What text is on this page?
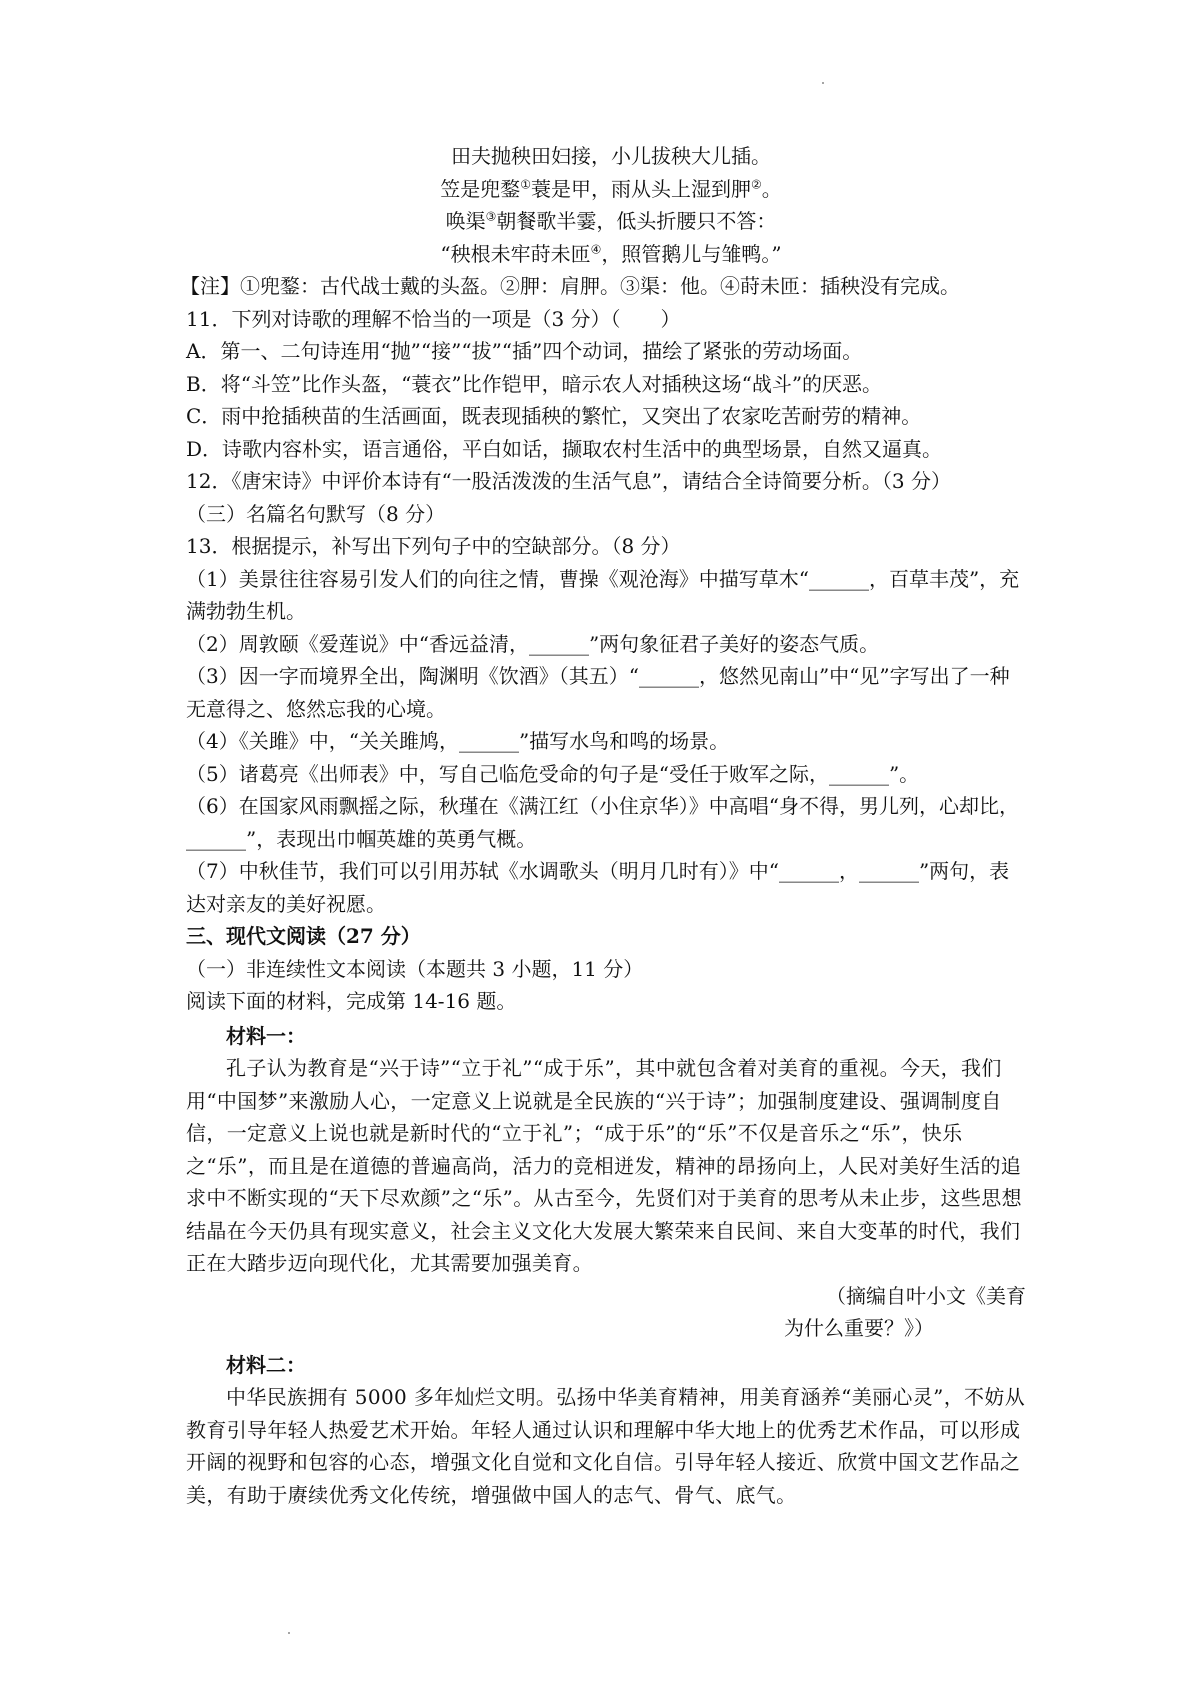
田夫抛秧田妇接，小儿拔秧大儿插。
笠是兜鍪①蓑是甲，雨从头上湿到胛②。
唤渠③朝餐歌半霎，低头折腰只不答：
“秧根未牢莳未匝④，照管鹅儿与雏鸭。”
【注】①兜鍪：古代战士戴的头盔。②胛：肩胛。③渠：他。④莳未匝：插秧没有完成。
11．下列对诗歌的理解不恰当的一项是（3 分）（　　）
A．第一、二句诗连用“抛”“接”“拔”“插”四个动词，描绘了紧张的劳动场面。
B．将“斗笠”比作头盔，“蓑衣”比作铠甲，暗示农人对插秧这场“战斗”的厌恶。
C．雨中抢插秧苗的生活画面，既表现插秧的繁忙，又突出了农家吃苦耐劳的精神。
D．诗歌内容朴实，语言通俗，平白如话，撷取农村生活中的典型场景，自然又逼真。
12．《唐宋诗》中评价本诗有“一股活泼泼的生活气息”，请结合全诗简要分析。（3 分）
（三）名篇名句默写（8 分）
13．根据提示，补写出下列句子中的空缺部分。（8 分）
（1）美景往往容易引发人们的向往之情，曹操《观沧海》中描写草木“______，百草丰茂”，充满勃勃生机。
（2）周敦颐《爱莲说》中“香远益清，______”两句象征君子美好的姿态气质。
（3）因一字而境界全出，陶渊明《饮酒》（其五）“______，悠然见南山”中“见”字写出了一种无意得之、悠然忘我的心境。
（4）《关雎》中，“关关雎鸠，______”描写水鸟和鸣的场景。
（5）诸葛亮《出师表》中，写自己临危受命的句子是“受任于败军之际，______”。
（6）在国家风雨飘摇之际，秋瑾在《满江红（小住京华）》中高唱“身不得，男儿列，心却比，______”，表现出巾帼英雄的英勇气概。
（7）中秋佳节，我们可以引用苏轼《水调歌头（明月几时有）》中“______，______”两句，表达对亲友的美好祝愿。
三、现代文阅读（27 分）
（一）非连续性文本阅读（本题共 3 小题，11 分）
阅读下面的材料，完成第 14-16 题。
材料一：
孔子认为教育是“兴于诗”“立于礼”“成于乐”，其中就包含着对美育的重视。今天，我们用“中国梦”来激励人心，一定意义上说就是全民族的“兴于诗”；加强制度建设、强调制度自信，一定意义上说也就是新时代的“立于礼”；“成于乐”的“乐”不仅是音乐之“乐”，快乐之“乐”，而且是在道德的普遍高尚，活力的竞相迸发，精神的昂扬向上，人民对美好生活的追求中不断实现的“天下尽欢颜”之“乐”。从古至今，先贤们对于美育的思考从未止步，这些思想结晶在今天仍具有现实意义，社会主义文化大发展大繁荣来自民间、来自大变革的时代，我们正在大踏步迈向现代化，尤其需要加强美育。
（摘编自叶小文《美育
为什么重要？》）
材料二：
中华民族拥有 5000 多年灿烂文明。弘扬中华美育精神，用美育涵养“美丽心灵”，不妨从教育引导年轻人热爱艺术开始。年轻人通过认识和理解中华大地上的优秀艺术作品，可以形成开阔的视野和包容的心态，增强文化自觉和文化自信。引导年轻人接近、欣赏中国文艺作品之美，有助于赓续优秀文化传统，增强做中国人的志气、骨气、底气。
